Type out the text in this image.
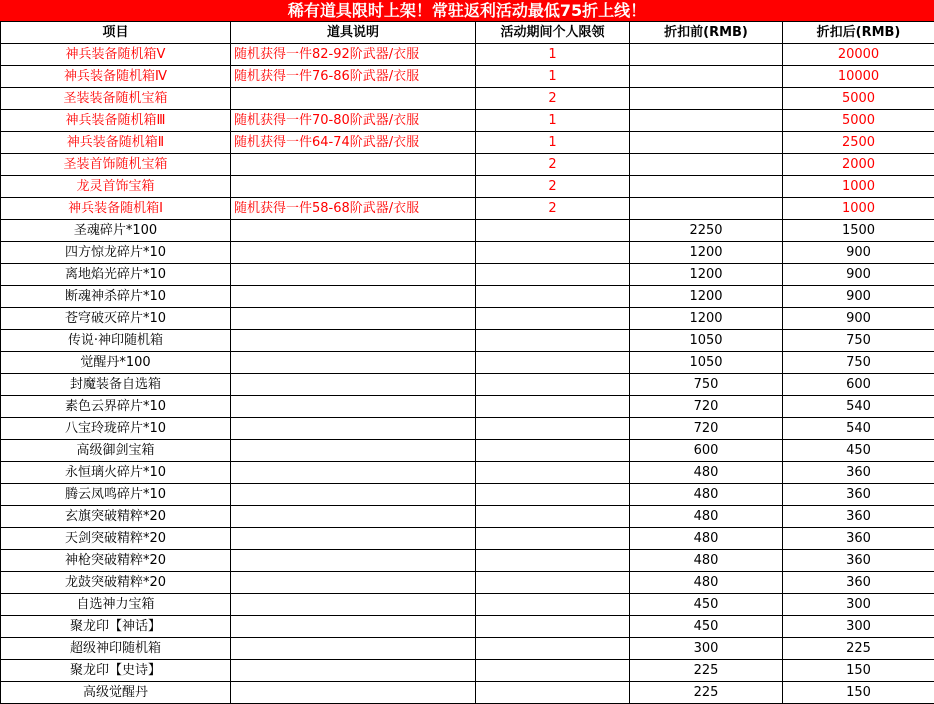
稀有道具限时上架！常驻返利活动最低75折上线！
项目	道具说明	活动期间个人限领	折扣前(RMB)	折扣后(RMB)
神兵装备随机箱Ⅴ	随机获得一件82-92阶武器/衣服	1		20000
神兵装备随机箱Ⅳ	随机获得一件76-86阶武器/衣服	1		10000
圣装装备随机宝箱		2		5000
神兵装备随机箱Ⅲ	随机获得一件70-80阶武器/衣服	1		5000
神兵装备随机箱Ⅱ	随机获得一件64-74阶武器/衣服	1		2500
圣装首饰随机宝箱		2		2000
龙灵首饰宝箱		2		1000
神兵装备随机箱Ⅰ	随机获得一件58-68阶武器/衣服	2		1000
圣魂碎片*100			2250	1500
四方惊龙碎片*10			1200	900
离地焰光碎片*10			1200	900
断魂神杀碎片*10			1200	900
苍穹破灭碎片*10			1200	900
传说·神印随机箱			1050	750
觉醒丹*100			1050	750
封魔装备自选箱			750	600
素色云界碎片*10			720	540
八宝玲珑碎片*10			720	540
高级御剑宝箱			600	450
永恒璃火碎片*10			480	360
腾云凤鸣碎片*10			480	360
玄旗突破精粹*20			480	360
天剑突破精粹*20			480	360
神枪突破精粹*20			480	360
龙鼓突破精粹*20			480	360
自选神力宝箱			450	300
聚龙印【神话】			450	300
超级神印随机箱			300	225
聚龙印【史诗】			225	150
高级觉醒丹			225	150
